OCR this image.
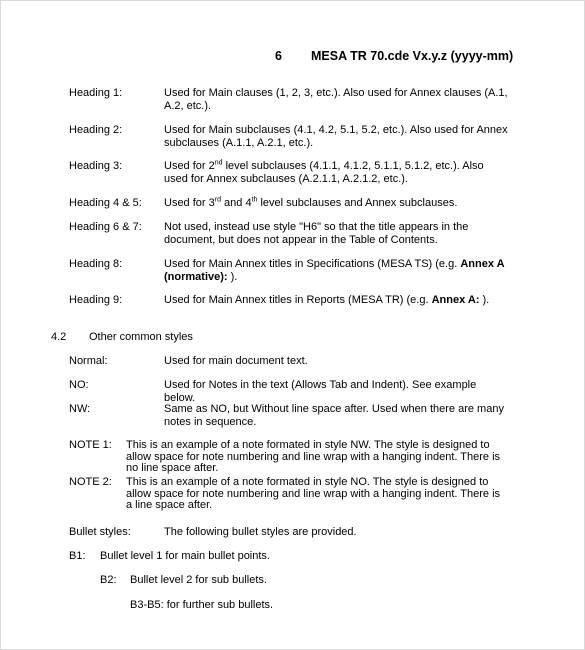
6 MESA TR 70.cde Vx.y.z (yyyy-mm)
Heading 1:	Used for Main clauses (1, 2, 3, etc.). Also used for Annex clauses (A.1, A.2, etc.).
Heading 2:	Used for Main subclauses (4.1, 4.2, 5.1, 5.2, etc.). Also used for Annex subclauses (A.1.1, A.2.1, etc.).
Heading 3:	Used for 2nd level subclauses (4.1.1, 4.1.2, 5.1.1, 5.1.2, etc.). Also used for Annex subclauses (A.2.1.1, A.2.1.2, etc.).
Heading 4 & 5: Used for 3rd and 4th level subclauses and Annex subclauses.
Heading 6 & 7: Not used, instead use style "H6" so that the title appears in the document, but does not appear in the Table of Contents.
Heading 8:	Used for Main Annex titles in Specifications (MESA TS) (e.g. Annex A (normative): ).
Heading 9:	Used for Main Annex titles in Reports (MESA TR) (e.g. Annex A: ).
4.2 Other common styles
Normal:	Used for main document text.
NO:	Used for Notes in the text (Allows Tab and Indent). See example below.
NW:	Same as NO, but Without line space after. Used when there are many notes in sequence.
NOTE 1: This is an example of a note formated in style NW. The style is designed to allow space for note numbering and line wrap with a hanging indent. There is no line space after.
NOTE 2: This is an example of a note formated in style NO. The style is designed to allow space for note numbering and line wrap with a hanging indent. There is a line space after.
Bullet styles:	The following bullet styles are provided.
B1: Bullet level 1 for main bullet points.
B2: Bullet level 2 for sub bullets.
B3-B5: for further sub bullets.
